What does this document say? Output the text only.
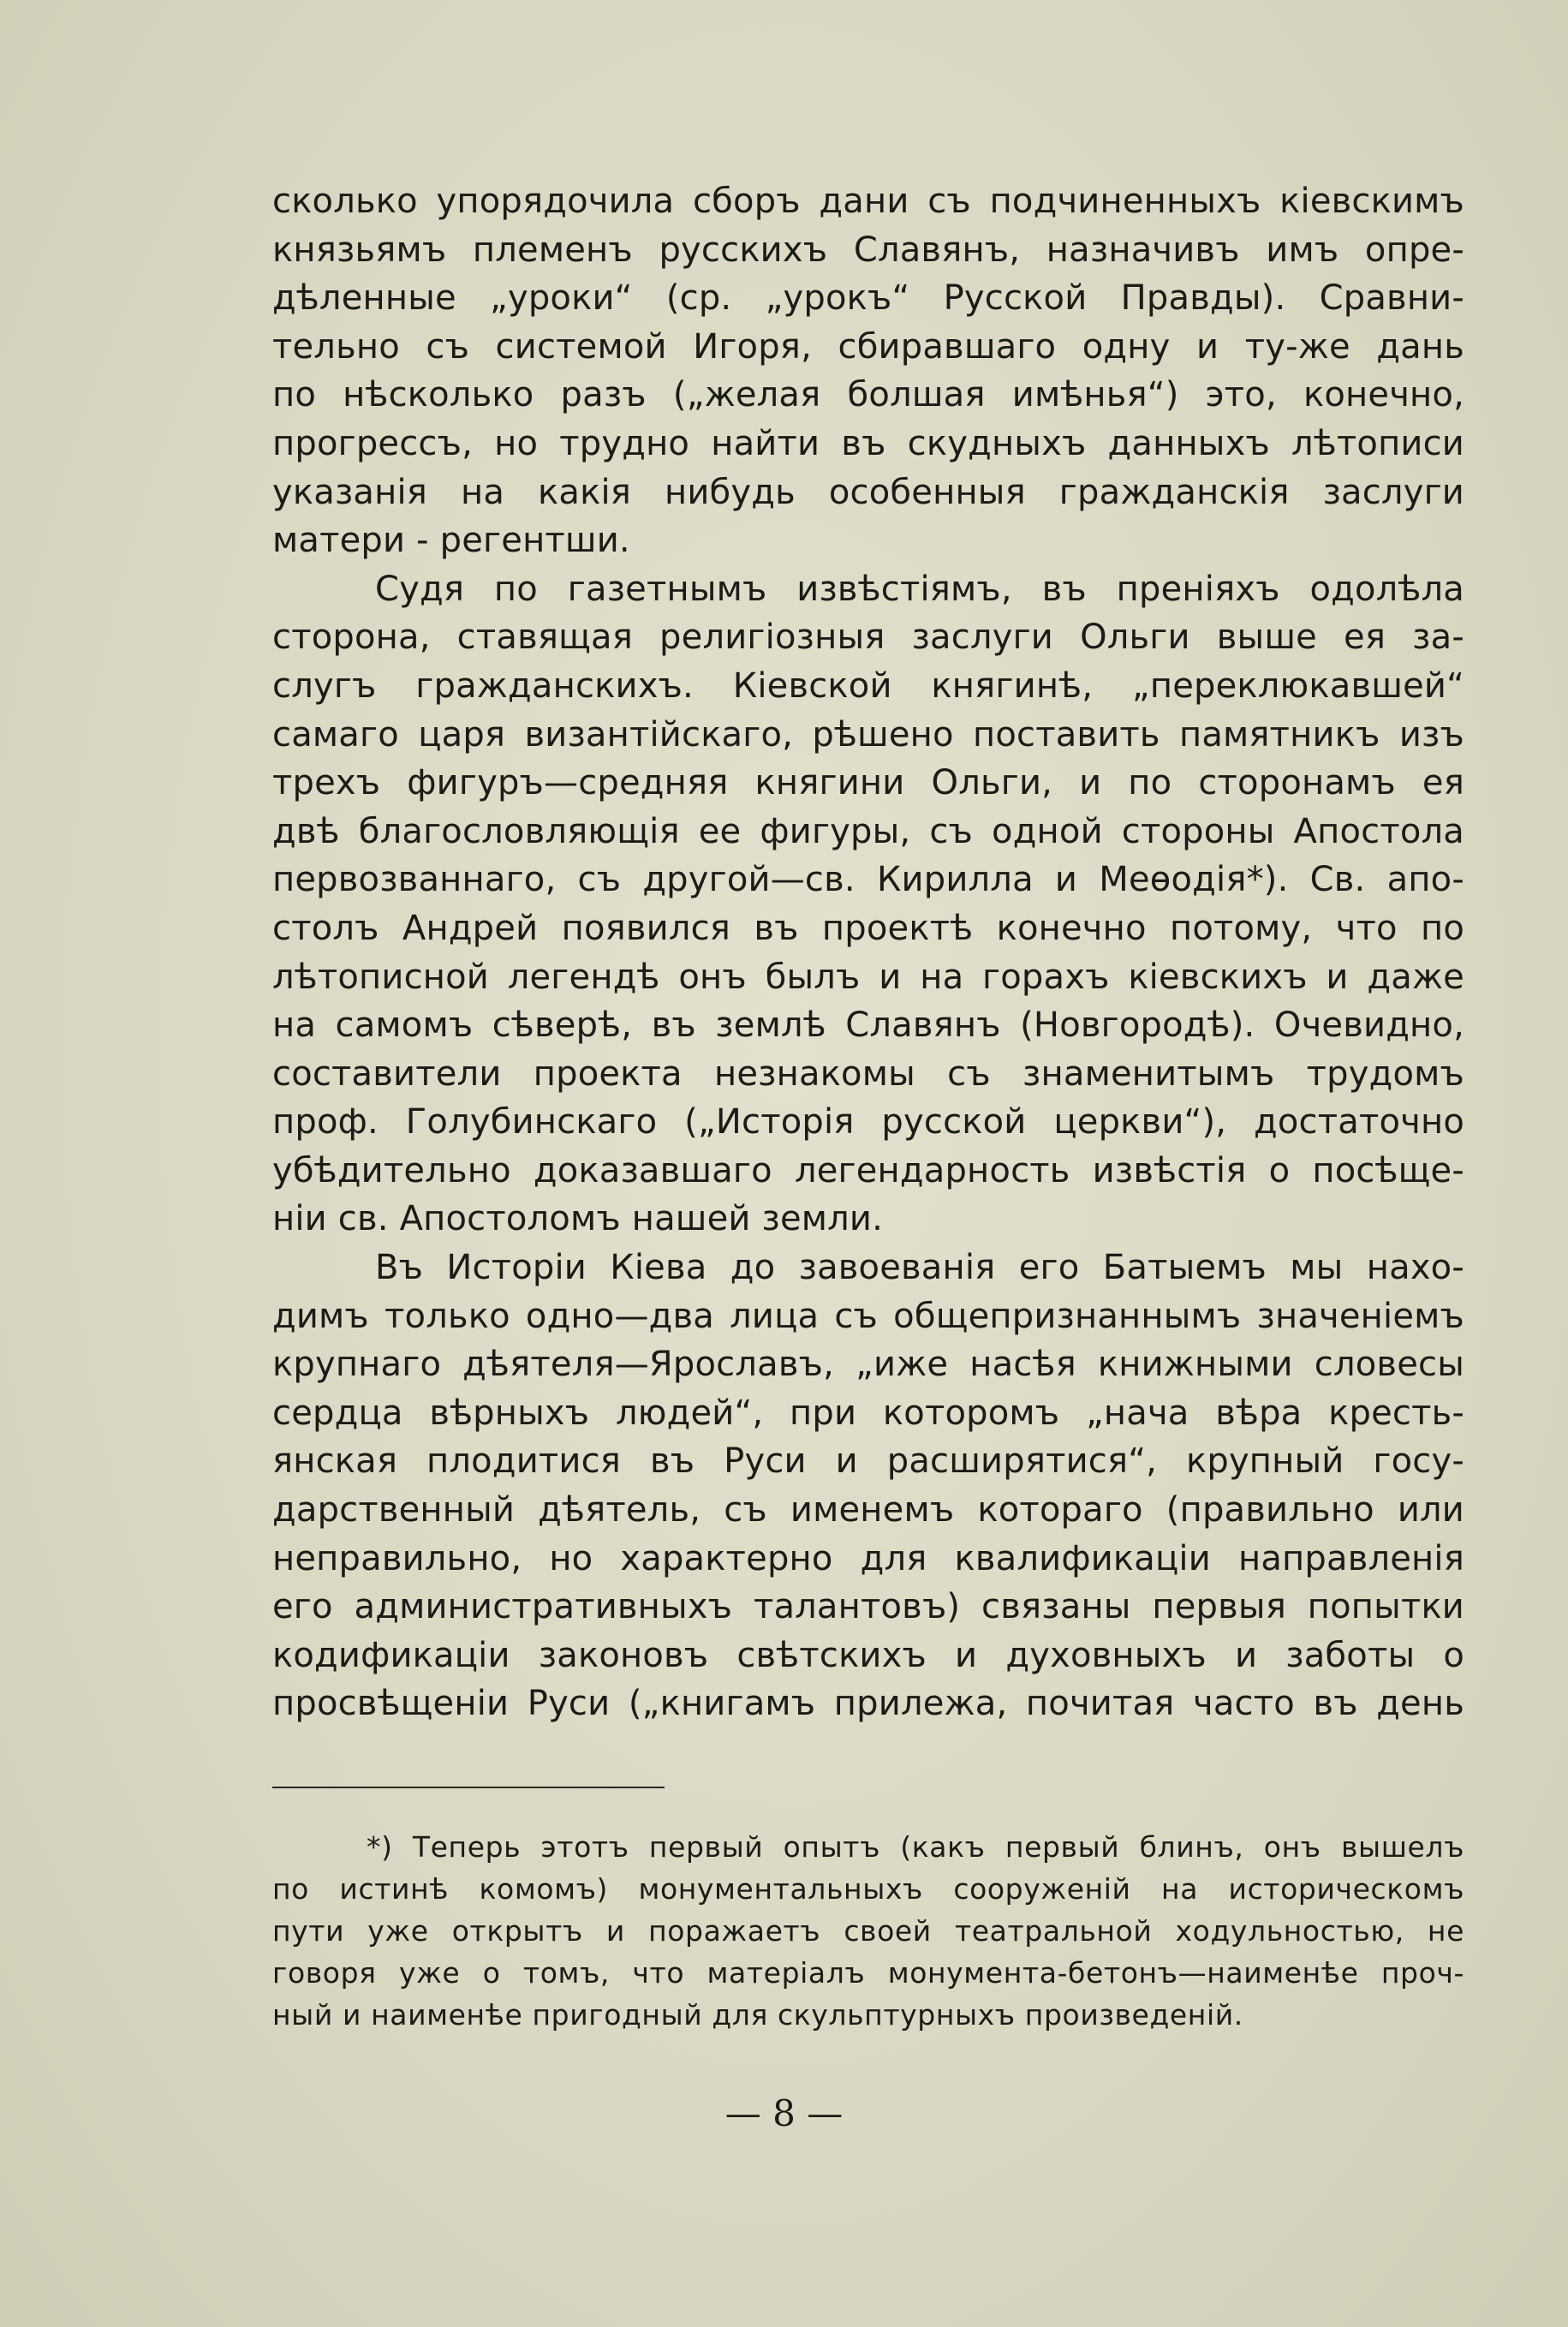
сколько упорядочила сборъ дани съ подчиненныхъ кіевскимъ
князьямъ племенъ русскихъ Славянъ, назначивъ имъ опре-
дѣленные „уроки“ (ср. „урокъ“ Русской Правды). Сравни-
тельно съ системой Игоря, сбиравшаго одну и ту-же дань
по нѣсколько разъ („желая болшая имѣнья“) это, конечно,
прогрессъ, но трудно найти въ скудныхъ данныхъ лѣтописи
указанія на какія нибудь особенныя гражданскія заслуги
матери - регентши.
Судя по газетнымъ извѣстіямъ, въ преніяхъ одолѣла
сторона, ставящая религіозныя заслуги Ольги выше ея за-
слугъ гражданскихъ. Кіевской княгинѣ, „переклюкавшей“
самаго царя византійскаго, рѣшено поставить памятникъ изъ
трехъ фигуръ—средняя княгини Ольги, и по сторонамъ ея
двѣ благословляющія ее фигуры, съ одной стороны Апостола
первозваннаго, съ другой—св. Кирилла и Меѳодія*). Св. апо-
столъ Андрей появился въ проектѣ конечно потому, что по
лѣтописной легендѣ онъ былъ и на горахъ кіевскихъ и даже
на самомъ сѣверѣ, въ землѣ Славянъ (Новгородѣ). Очевидно,
составители проекта незнакомы съ знаменитымъ трудомъ
проф. Голубинскаго („Исторія русской церкви“), достаточно
убѣдительно доказавшаго легендарность извѣстія о посѣще-
ніи св. Апостоломъ нашей земли.
Въ Исторіи Кіева до завоеванія его Батыемъ мы нахо-
димъ только одно—два лица съ общепризнаннымъ значеніемъ
крупнаго дѣятеля—Ярославъ, „иже насѣя книжными словесы
сердца вѣрныхъ людей“, при которомъ „нача вѣра кресть-
янская плодитися въ Руси и расширятися“, крупный госу-
дарственный дѣятель, съ именемъ котораго (правильно или
неправильно, но характерно для квалификаціи направленія
его административныхъ талантовъ) связаны первыя попытки
кодификаціи законовъ свѣтскихъ и духовныхъ и заботы о
просвѣщеніи Руси („книгамъ прилежа, почитая часто въ день
*) Теперь этотъ первый опытъ (какъ первый блинъ, онъ вышелъ
по истинѣ комомъ) монументальныхъ сооруженій на историческомъ
пути уже открытъ и поражаетъ своей театральной ходульностью, не
говоря уже о томъ, что матеріалъ монумента-бетонъ—наименѣе проч-
ный и наименѣе пригодный для скульптурныхъ произведеній.
— 8 —
